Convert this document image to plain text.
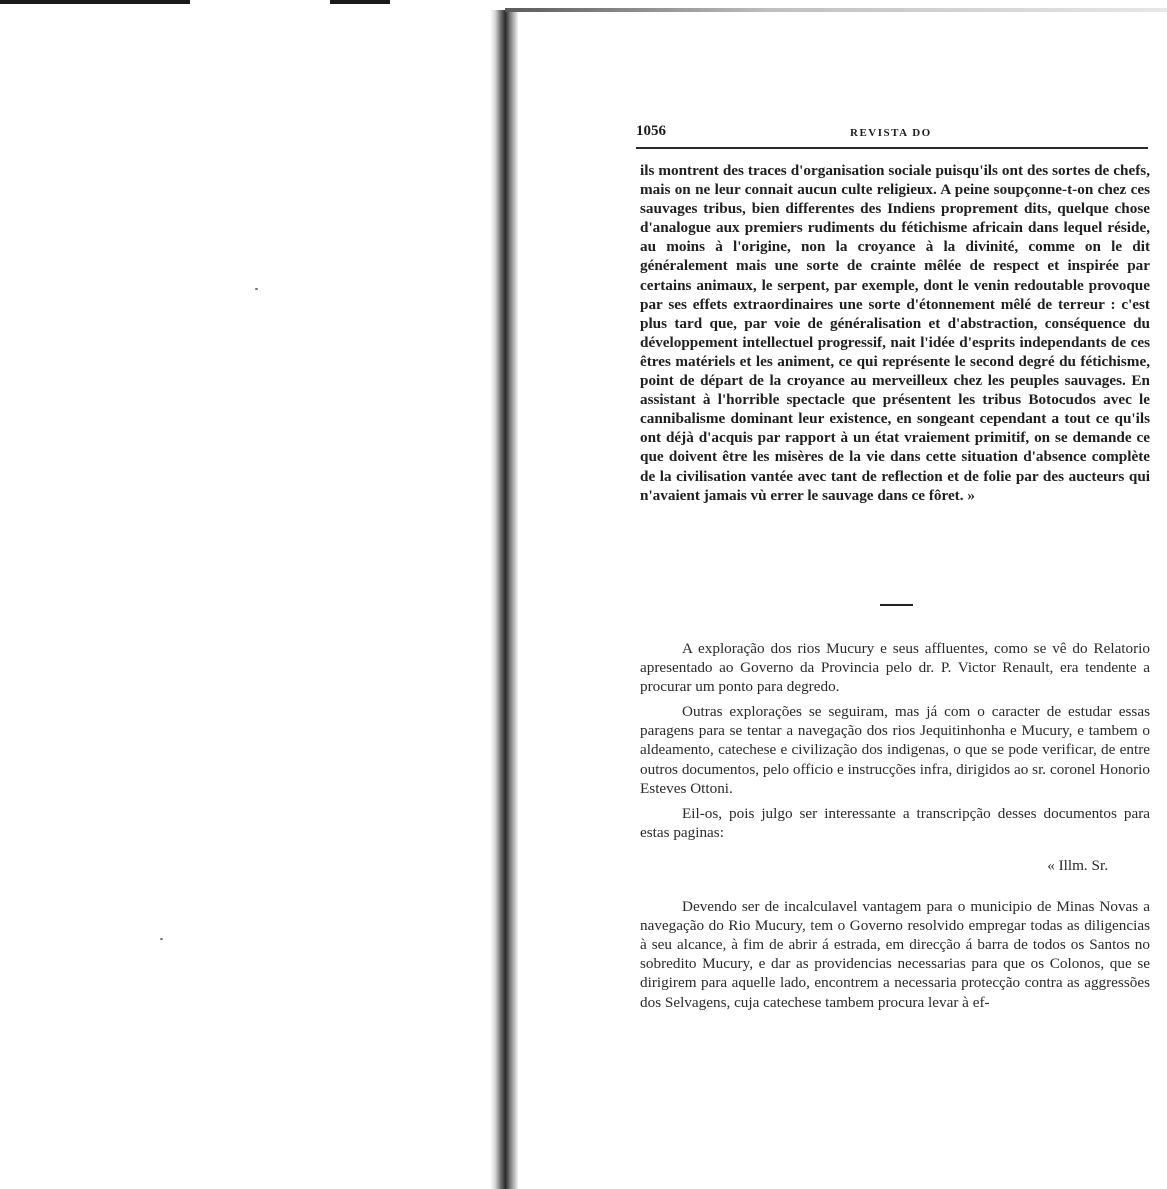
1056	REVISTA DO

ils montrent des traces d'organisation sociale puisqu'ils ont des sortes de chefs, mais on ne leur connait aucun culte religieux. A peine soupçonne-t-on chez ces sauvages tribus, bien differentes des Indiens proprement dits, quelque chose d'analogue aux premiers rudiments du fétichisme africain dans lequel réside, au moins à l'origine, non la croyance à la divinité, comme on le dit généralement mais une sorte de crainte mêlée de respect et inspirée par certains animaux, le serpent, par exemple, dont le venin redoutable provoque par ses effets extraordinaires une sorte d'étonnement mêlé de terreur : c'est plus tard que, par voie de généralisation et d'abstraction, conséquence du développement intellectuel progressif, nait l'idée d'esprits independants de ces êtres matériels et les animent, ce qui représente le second degré du fétichisme, point de départ de la croyance au merveilleux chez les peuples sauvages. En assistant à l'horrible spectacle que présentent les tribus Botocudos avec le cannibalisme dominant leur existence, en songeant cependant a tout ce qu'ils ont déjà d'acquis par rapport à un état vraiement primitif, on se demande ce que doivent être les misères de la vie dans cette situation d'absence complète de la civilisation vantée avec tant de reflection et de folie par des aucteurs qui n'avaient jamais vù errer le sauvage dans ce fôret. »

A exploração dos rios Mucury e seus affluentes, como se vê do Relatorio apresentado ao Governo da Provincia pelo dr. P. Victor Renault, era tendente a procurar um ponto para degredo.

Outras explorações se seguiram, mas já com o caracter de estudar essas paragens para se tentar a navegação dos rios Jequitinhonha e Mucury, e tambem o aldeamento, catechese e civilização dos indigenas, o que se pode verificar, de entre outros documentos, pelo officio e instrucções infra, dirigidos ao sr. coronel Honorio Esteves Ottoni.

Eil-os, pois julgo ser interessante a transcripção desses documentos para estas paginas:

« Illm. Sr.

Devendo ser de incalculavel vantagem para o municipio de Minas Novas a navegação do Rio Mucury, tem o Governo resolvido empregar todas as diligencias à seu alcance, à fim de abrir á estrada, em direcção á barra de todos os Santos no sobredito Mucury, e dar as providencias necessarias para que os Colonos, que se dirigirem para aquelle lado, encontrem a necessaria protecção contra as aggressões dos Selvagens, cuja catechese tambem procura levar à ef-
